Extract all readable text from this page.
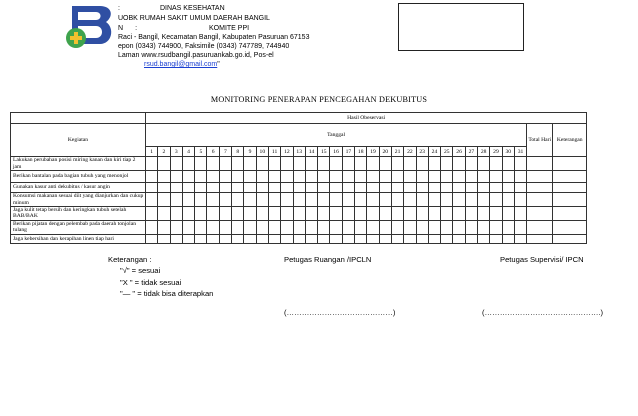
:	DINAS KESEHATAN
UOBK RUMAH SAKIT UMUM DAERAH BANGIL
N :	KOMITE PPI
Raci - Bangil, Kecamatan Bangil, Kabupaten Pasuruan 67153
epon (0343) 744900, Faksimile (0343) 747789, 744940
Laman www.rsudbangil.pasuruankab.go.id, Pos-el
rsud.bangil@gmail.com"
MONITORING PENERAPAN PENCEGAHAN DEKUBITUS
	Hasil Obeservasi																																
Kegiatan	Tanggal																															Total Hari	Keterangan
	1	2	3	4	5	6	7	8	9	10	11	12	13	14	15	16	17	18	19	20	21	22	23	24	25	26	27	28	29	30	31		
Lakukan perubahan posisi miring kanan dan kiri tiap 2 jam																																	
Berikan bantalan pada bagian tubuh yang menonjol																																	
Gunakan kasur anti dekubitus / kasur angin																																	
Konsumsi makanan sesuai diit yang dianjurkan dan cukup minum																																	
Jaga kulit tetap bersih dan keringkan tubuh setelah BAB/BAK																																	
Berikan pijatan dengan pelembab pada daerah tonjolan tulang																																	
Jaga kebersihan dan kerapihan linen tiap hari																																	
Keterangan :
"√" = sesuai
"X " = tidak sesuai
"— " = tidak bisa diterapkan
Petugas Ruangan /IPCLN	Petugas Supervisi/ IPCN
(……………………………………)	(……………………………………….)
